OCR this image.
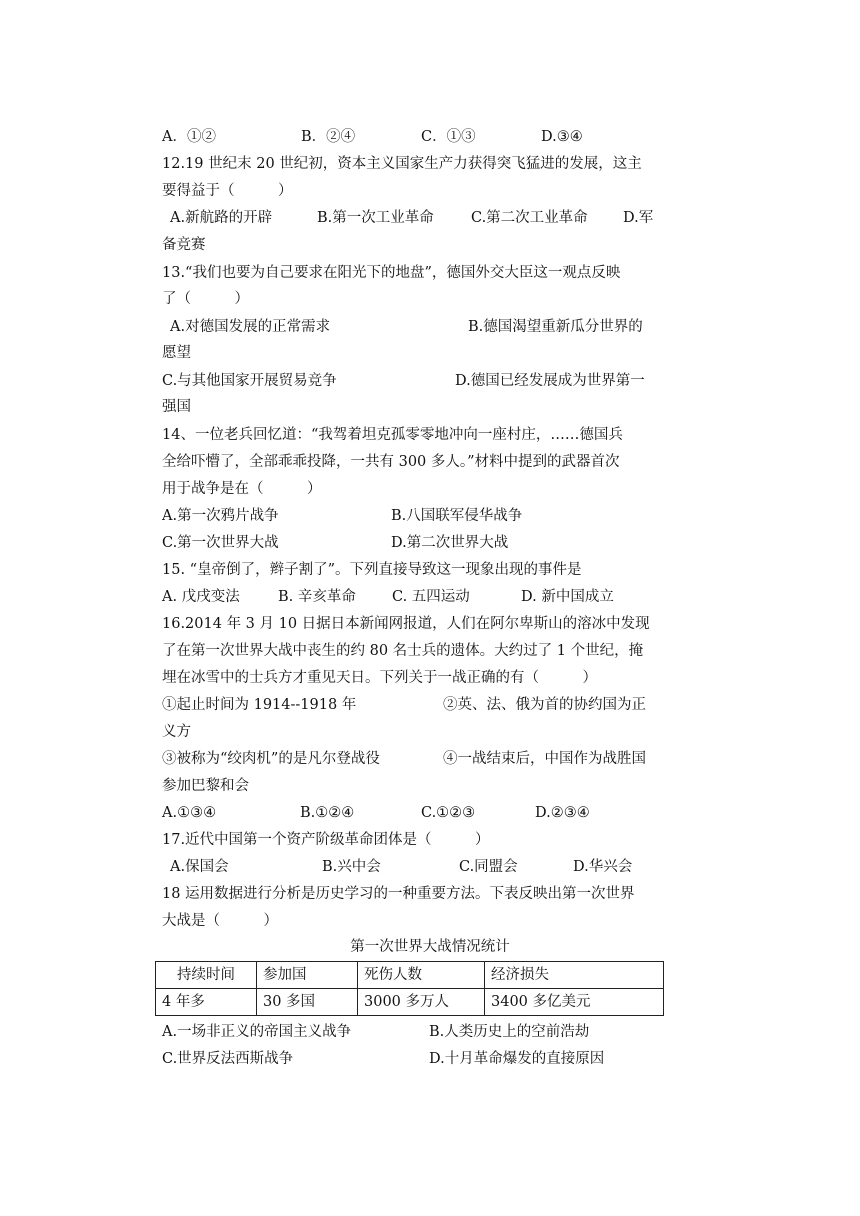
A．①②	B．②④	C．①③	D.③④
12.19 世纪末 20 世纪初，资本主义国家生产力获得突飞猛进的发展，这主
要得益于（　　　）
A.新航路的开辟	B.第一次工业革命	C.第二次工业革命 D.军
备竞赛
13.“我们也要为自己要求在阳光下的地盘”，德国外交大臣这一观点反映
了（　　　）
A.对德国发展的正常需求	B.德国渴望重新瓜分世界的
愿望
C.与其他国家开展贸易竞争	D.德国已经发展成为世界第一
强国
14、一位老兵回忆道：“我驾着坦克孤零零地冲向一座村庄，……德国兵
全给吓懵了，全部乖乖投降，一共有 300 多人。”材料中提到的武器首次
用于战争是在（　　　）
A.第一次鸦片战争	B.八国联军侵华战争
C.第一次世界大战	D.第二次世界大战
15. “皇帝倒了，辫子割了”。下列直接导致这一现象出现的事件是
A. 戊戌变法	B. 辛亥革命 C. 五四运动	D. 新中国成立
16.2014 年 3 月 10 日据日本新闻网报道，人们在阿尔卑斯山的溶冰中发现
了在第一次世界大战中丧生的约 80 名士兵的遗体。大约过了 1 个世纪，掩
埋在冰雪中的士兵方才重见天日。下列关于一战正确的有（　　　）
①起止时间为 1914--1918 年	②英、法、俄为首的协约国为正
义方
③被称为“绞肉机”的是凡尔登战役	④一战结束后，中国作为战胜国
参加巴黎和会
A.①③④	B.①②④	C.①②③	D.②③④
17.近代中国第一个资产阶级革命团体是（　　　）
A.保国会	B.兴中会	C.同盟会	D.华兴会
18 运用数据进行分析是历史学习的一种重要方法。下表反映出第一次世界
大战是（　　　）
第一次世界大战情况统计
持续时间	参加国	死伤人数	经济损失
4 年多	30 多国	3000 多万人	3400 多亿美元
A.一场非正义的帝国主义战争	B.人类历史上的空前浩劫
C.世界反法西斯战争	D.十月革命爆发的直接原因
